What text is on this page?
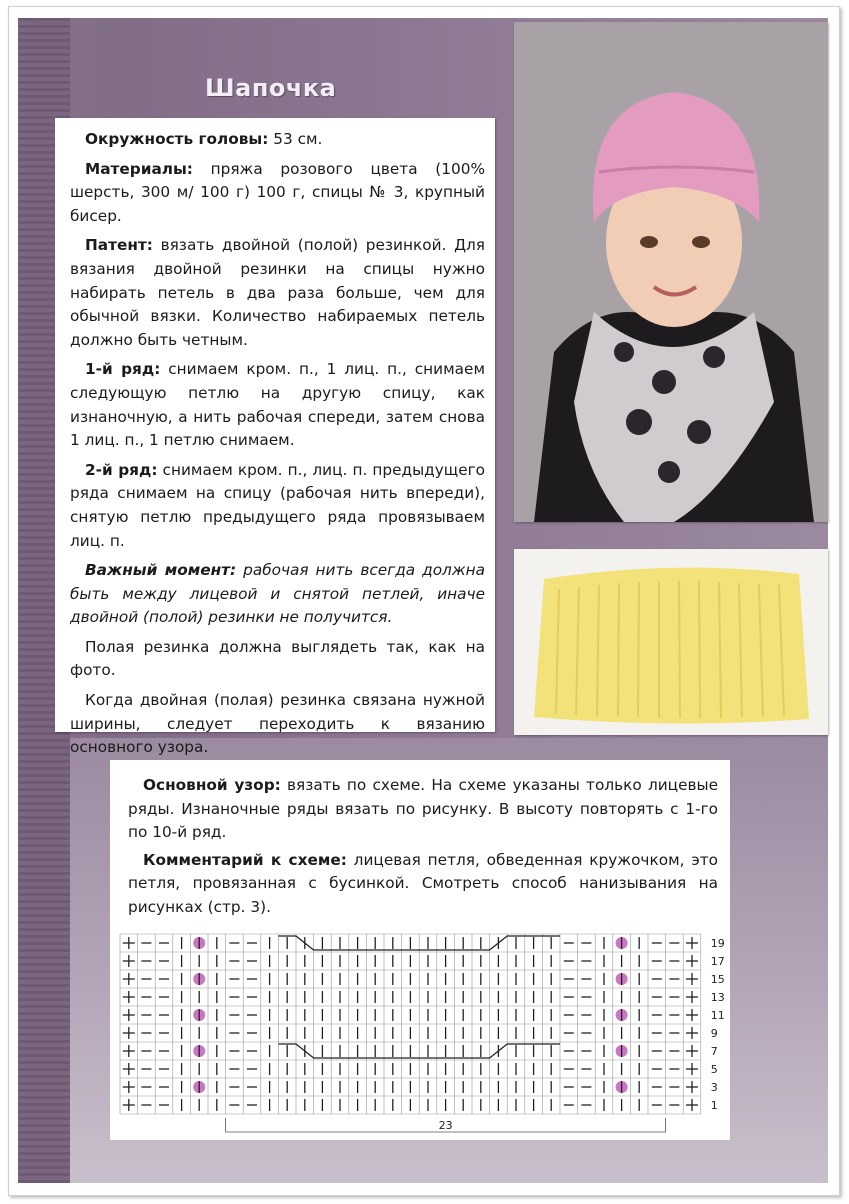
Шапочка

Окружность головы: 53 см.

Материалы: пряжа розового цвета (100% шерсть, 300 м/ 100 г) 100 г, спицы № 3, крупный бисер.

Патент: вязать двойной (полой) резинкой. Для вязания двойной резинки на спицы нужно набирать петель в два раза больше, чем для обычной вязки. Количество набираемых петель должно быть четным.

1-й ряд: снимаем кром. п., 1 лиц. п., снимаем следующую петлю на другую спицу, как изнаночную, а нить рабочая спереди, затем снова 1 лиц. п., 1 петлю снимаем.

2-й ряд: снимаем кром. п., лиц. п. предыдущего ряда снимаем на спицу (рабочая нить впереди), снятую петлю предыдущего ряда провязываем лиц. п.

Важный момент: рабочая нить всегда должна быть между лицевой и снятой петлей, иначе двойной (полой) резинки не получится.

Полая резинка должна выглядеть так, как на фото.

Когда двойная (полая) резинка связана нужной ширины, следует переходить к вязанию основного узора.

Основной узор: вязать по схеме. На схеме указаны только лицевые ряды. Изнаночные ряды вязать по рисунку. В высоту повторять с 1-го по 10-й ряд.

Комментарий к схеме: лицевая петля, обведенная кружочком, это петля, провязанная с бусинкой. Смотреть способ нанизывания на рисунках (стр. 3).

19
17
15
13
11
9
7
5
3
1
23
